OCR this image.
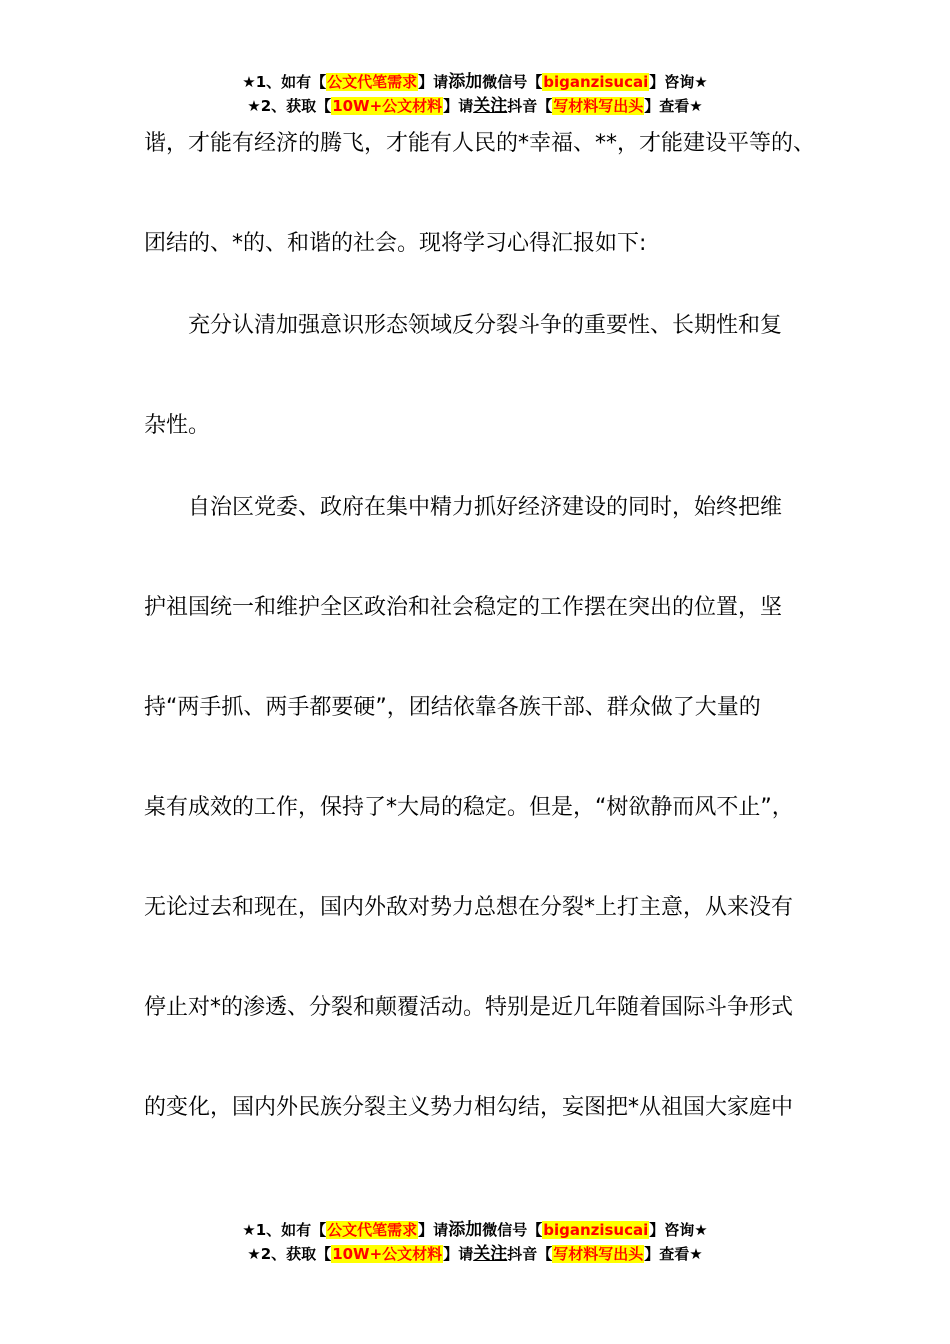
★1、如有【公文代笔需求】请添加微信号【biganzisucai】咨询★
★2、获取【10W+公文材料】请关注抖音【写材料写出头】查看★
谐，才能有经济的腾飞，才能有人民的*幸福、**，才能建设平等的、
团结的、*的、和谐的社会。现将学习心得汇报如下:
充分认清加强意识形态领域反分裂斗争的重要性、长期性和复
杂性。
自治区党委、政府在集中精力抓好经济建设的同时，始终把维
护祖国统一和维护全区政治和社会稳定的工作摆在突出的位置，坚
持“两手抓、两手都要硬”，团结依靠各族干部、群众做了大量的
桌有成效的工作，保持了*大局的稳定。但是，“树欲静而风不止”，
无论过去和现在，国内外敌对势力总想在分裂*上打主意，从来没有
停止对*的渗透、分裂和颠覆活动。特别是近几年随着国际斗争形式
的变化，国内外民族分裂主义势力相勾结，妄图把*从祖国大家庭中
★1、如有【公文代笔需求】请添加微信号【biganzisucai】咨询★
★2、获取【10W+公文材料】请关注抖音【写材料写出头】查看★
